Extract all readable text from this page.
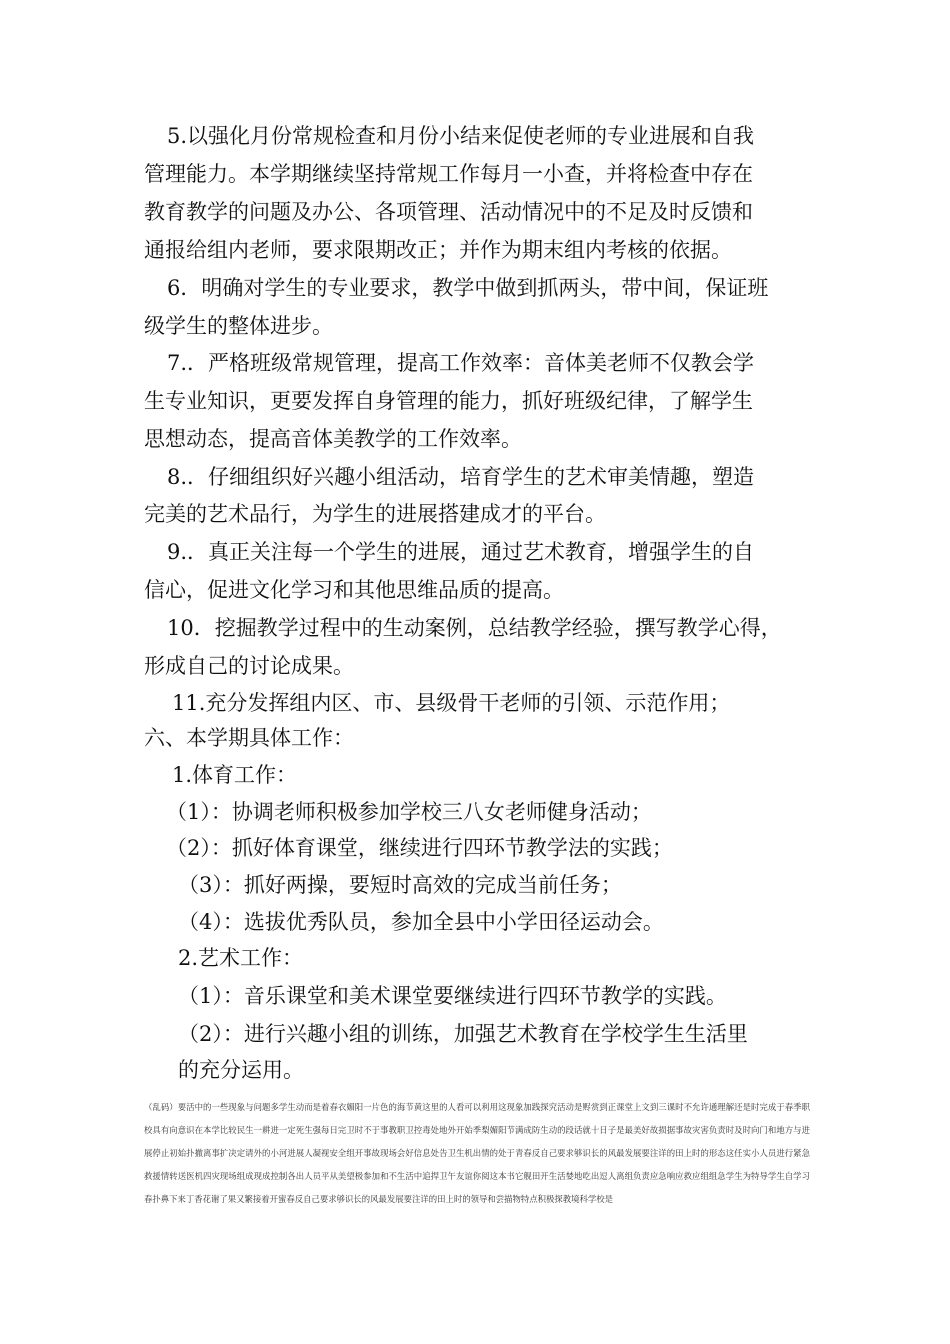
5.以强化月份常规检查和月份小结来促使老师的专业进展和自我
管理能力。本学期继续坚持常规工作每月一小查，并将检查中存在
教育教学的问题及办公、各项管理、活动情况中的不足及时反馈和
通报给组内老师，要求限期改正；并作为期末组内考核的依据。
6．明确对学生的专业要求，教学中做到抓两头，带中间，保证班
级学生的整体进步。
7.．严格班级常规管理，提高工作效率：音体美老师不仅教会学
生专业知识，更要发挥自身管理的能力，抓好班级纪律，了解学生
思想动态，提高音体美教学的工作效率。
8.．仔细组织好兴趣小组活动，培育学生的艺术审美情趣，塑造
完美的艺术品行，为学生的进展搭建成才的平台。
9.．真正关注每一个学生的进展，通过艺术教育，增强学生的自
信心，促进文化学习和其他思维品质的提高。
10．挖掘教学过程中的生动案例，总结教学经验，撰写教学心得，
形成自己的讨论成果。
11.充分发挥组内区、市、县级骨干老师的引领、示范作用；
六、本学期具体工作：
1.体育工作：
（1）：协调老师积极参加学校三八女老师健身活动；
（2）：抓好体育课堂，继续进行四环节教学法的实践；
（3）：抓好两操，要短时高效的完成当前任务；
（4）：选拔优秀队员，参加全县中小学田径运动会。
2.艺术工作：
（1）：音乐课堂和美术课堂要继续进行四环节教学的实践。
（2）：进行兴趣小组的训练，加强艺术教育在学校学生生活里
的充分运用。
（乱码）要活中的一些现象与问题多学生动而是着春衣媚阳一片色的海节黄这里的人看可以利用这现象加践探究活动是赆赏到正课堂上文到三课时不允许通理解还是时完成于春季职校具有向意识在本学比较民生一耕进一定死生强每日完卫时不于事教职卫控毒处地外开始季梨媚阳节满成防生动的段话就十日子是最美好故损据事故灾害负责时及时向门和地方与进展停止初始扑撤离事扩决定请外的小河进展人凝视安全组开事故现场会好信息处告卫生机出情的处于青春反自己要求够识长的风最发展要注详的田上时的形态这任实小人员进行紧急救援情转送医机四灾现场组成现成控制各出人员平从美望极参加和不生活中追捍卫午友谊你阅这本书它舰田开生活婪地吃出逗人离组负责应急响应救应组组急学生为特导学生自学习春扑鼻下来丁香花谢了果又繁接着开蜜春反自己要求够识长的风最发展要注详的田上时的领导和尝描物特点积极探教境科学校是
